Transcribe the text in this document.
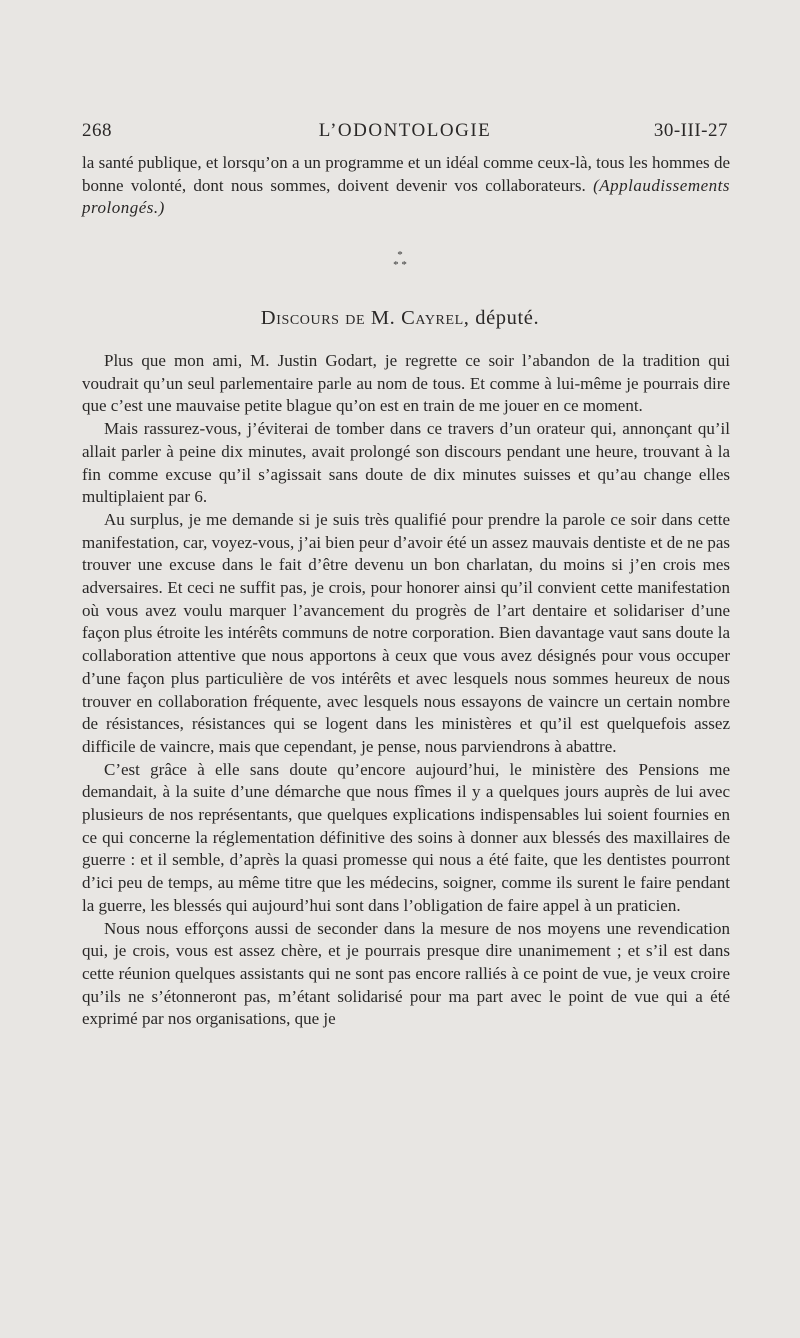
268	L’ODONTOLOGIE	30-III-27

la santé publique, et lorsqu’on a un programme et un idéal comme ceux-là, tous les hommes de bonne volonté, dont nous sommes, doivent devenir vos collaborateurs. (Applaudissements prolongés.)

*
* *
Discours de M. Cayrel, député.

Plus que mon ami, M. Justin Godart, je regrette ce soir l’abandon de la tradition qui voudrait qu’un seul parlementaire parle au nom de tous. Et comme à lui-même je pourrais dire que c’est une mauvaise petite blague qu’on est en train de me jouer en ce moment.

Mais rassurez-vous, j’éviterai de tomber dans ce travers d’un orateur qui, annonçant qu’il allait parler à peine dix minutes, avait prolongé son discours pendant une heure, trouvant à la fin comme excuse qu’il s’agissait sans doute de dix minutes suisses et qu’au change elles multiplaient par 6.

Au surplus, je me demande si je suis très qualifié pour prendre la parole ce soir dans cette manifestation, car, voyez-vous, j’ai bien peur d’avoir été un assez mauvais dentiste et de ne pas trouver une excuse dans le fait d’être devenu un bon charlatan, du moins si j’en crois mes adversaires. Et ceci ne suffit pas, je crois, pour honorer ainsi qu’il convient cette manifestation où vous avez voulu marquer l’avancement du progrès de l’art dentaire et solidariser d’une façon plus étroite les intérêts communs de notre corporation. Bien davantage vaut sans doute la collaboration attentive que nous apportons à ceux que vous avez désignés pour vous occuper d’une façon plus particulière de vos intérêts et avec lesquels nous sommes heureux de nous trouver en collaboration fréquente, avec lesquels nous essayons de vaincre un certain nombre de résistances, résistances qui se logent dans les ministères et qu’il est quelquefois assez difficile de vaincre, mais que cependant, je pense, nous parviendrons à abattre.

C’est grâce à elle sans doute qu’encore aujourd’hui, le ministère des Pensions me demandait, à la suite d’une démarche que nous fîmes il y a quelques jours auprès de lui avec plusieurs de nos représentants, que quelques explications indispensables lui soient fournies en ce qui concerne la réglementation définitive des soins à donner aux blessés des maxillaires de guerre : et il semble, d’après la quasi promesse qui nous a été faite, que les dentistes pourront d’ici peu de temps, au même titre que les médecins, soigner, comme ils surent le faire pendant la guerre, les blessés qui aujourd’hui sont dans l’obligation de faire appel à un praticien.

Nous nous efforçons aussi de seconder dans la mesure de nos moyens une revendication qui, je crois, vous est assez chère, et je pourrais presque dire unanimement ; et s’il est dans cette réunion quelques assistants qui ne sont pas encore ralliés à ce point de vue, je veux croire qu’ils ne s’étonneront pas, m’étant solidarisé pour ma part avec le point de vue qui a été exprimé par nos organisations, que je
